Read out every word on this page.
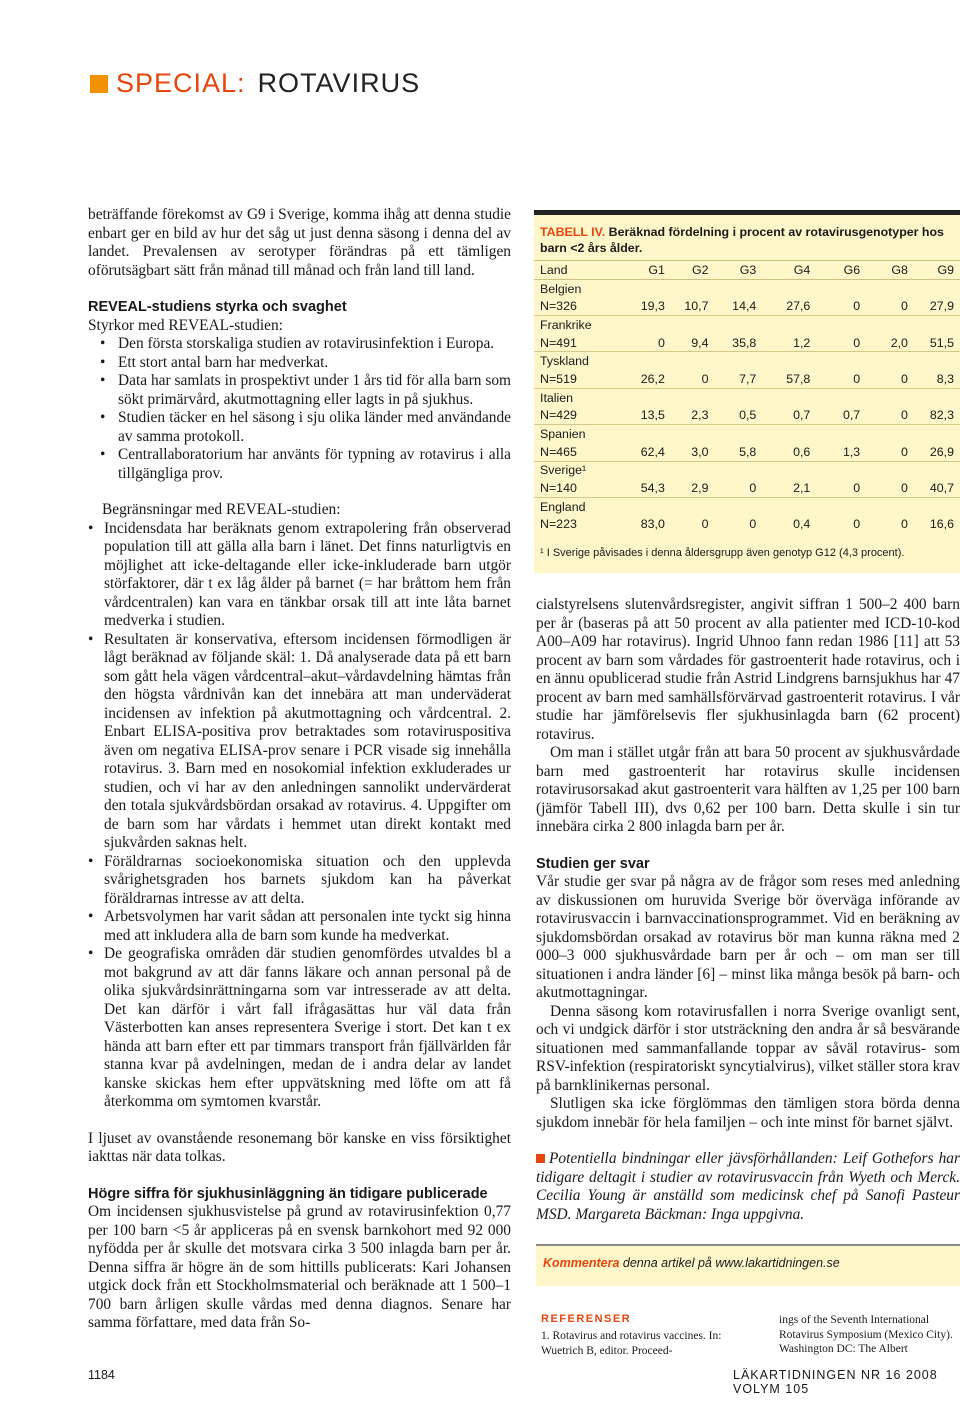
SPECIAL: ROTAVIRUS

beträffande förekomst av G9 i Sverige, komma ihåg att denna studie enbart ger en bild av hur det såg ut just denna säsong i denna del av landet. Prevalensen av serotyper förändras på ett tämligen oförutsägbart sätt från månad till månad och från land till land.

REVEAL-studiens styrka och svaghet

Styrkor med REVEAL-studien:

• Den första storskaliga studien av rotavirusinfektion i Europa.
• Ett stort antal barn har medverkat.
• Data har samlats in prospektivt under 1 års tid för alla barn som sökt primärvård, akutmottagning eller lagts in på sjukhus.
• Studien täcker en hel säsong i sju olika länder med användande av samma protokoll.
• Centrallaboratorium har använts för typning av rotavirus i alla tillgängliga prov.

Begränsningar med REVEAL-studien:

• Incidensdata har beräknats genom extrapolering från observerad population till att gälla alla barn i länet. Det finns naturligtvis en möjlighet att icke-deltagande eller icke-inkluderade barn utgör störfaktorer, där t ex låg ålder på barnet (= har bråttom hem från vårdcentralen) kan vara en tänkbar orsak till att inte låta barnet medverka i studien.
• Resultaten är konservativa, eftersom incidensen förmodligen är lågt beräknad av följande skäl: 1. Då analyserade data på ett barn som gått hela vägen vårdcentral–akut–vårdavdelning hämtas från den högsta vårdnivån kan det innebära att man underväderat incidensen av infektion på akutmottagning och vårdcentral. 2. Enbart ELISA-positiva prov betraktades som rotaviruspositiva även om negativa ELISA-prov senare i PCR visade sig innehålla rotavirus. 3. Barn med en nosokomial infektion exkluderades ur studien, och vi har av den anledningen sannolikt undervärderat den totala sjukvårdsbördan orsakad av rotavirus. 4. Uppgifter om de barn som har vårdats i hemmet utan direkt kontakt med sjukvården saknas helt.
• Föräldrarnas socioekonomiska situation och den upplevda svårighetsgraden hos barnets sjukdom kan ha påverkat föräldrarnas intresse av att delta.
• Arbetsvolymen har varit sådan att personalen inte tyckt sig hinna med att inkludera alla de barn som kunde ha medverkat.
• De geografiska områden där studien genomfördes utvaldes bl a mot bakgrund av att där fanns läkare och annan personal på de olika sjukvårdsinrättningarna som var intresserade av att delta. Det kan därför i vårt fall ifrågasättas hur väl data från Västerbotten kan anses representera Sverige i stort. Det kan t ex hända att barn efter ett par timmars transport från fjällvärlden får stanna kvar på avdelningen, medan de i andra delar av landet kanske skickas hem efter uppvätskning med löfte om att få återkomma om symtomen kvarstår.

I ljuset av ovanstående resonemang bör kanske en viss försiktighet iakttas när data tolkas.

Högre siffra för sjukhusinläggning än tidigare publicerade

Om incidensen sjukhusvistelse på grund av rotavirusinfektion 0,77 per 100 barn <5 år appliceras på en svensk barnkohort med 92 000 nyfödda per år skulle det motsvara cirka 3 500 inlagda barn per år. Denna siffra är högre än de som hittills publicerats: Kari Johansen utgick dock från ett Stockholmsmaterial och beräknade att 1 500–1 700 barn årligen skulle vårdas med denna diagnos. Senare har samma författare, med data från So-

TABELL IV. Beräknad fördelning i procent av rotavirusgenotyper hos barn <2 års ålder.
Land	G1	G2	G3	G4	G6	G8	G9
Belgien							
N=326	19,3	10,7	14,4	27,6	0	0	27,9
Frankrike							
N=491	0	9,4	35,8	1,2	0	2,0	51,5
Tyskland							
N=519	26,2	0	7,7	57,8	0	0	8,3
Italien							
N=429	13,5	2,3	0,5	0,7	0,7	0	82,3
Spanien							
N=465	62,4	3,0	5,8	0,6	1,3	0	26,9
Sverige¹							
N=140	54,3	2,9	0	2,1	0	0	40,7
England							
N=223	83,0	0	0	0,4	0	0	16,6
¹ I Sverige påvisades i denna åldersgrupp även genotyp G12 (4,3 procent).

cialstyrelsens slutenvårdsregister, angivit siffran 1 500–2 400 barn per år (baseras på att 50 procent av alla patienter med ICD-10-kod A00–A09 har rotavirus). Ingrid Uhnoo fann redan 1986 [11] att 53 procent av barn som vårdades för gastroenterit hade rotavirus, och i en ännu opublicerad studie från Astrid Lindgrens barnsjukhus har 47 procent av barn med samhällsförvärvad gastroenterit rotavirus. I vår studie har jämförelsevis fler sjukhusinlagda barn (62 procent) rotavirus.

Om man i stället utgår från att bara 50 procent av sjukhusvårdade barn med gastroenterit har rotavirus skulle incidensen rotavirusorsakad akut gastroenterit vara hälften av 1,25 per 100 barn (jämför Tabell III), dvs 0,62 per 100 barn. Detta skulle i sin tur innebära cirka 2 800 inlagda barn per år.

Studien ger svar

Vår studie ger svar på några av de frågor som reses med anledning av diskussionen om huruvida Sverige bör överväga införande av rotavirusvaccin i barnvaccinationsprogrammet. Vid en beräkning av sjukdomsbördan orsakad av rotavirus bör man kunna räkna med 2 000–3 000 sjukhusvårdade barn per år och – om man ser till situationen i andra länder [6] – minst lika många besök på barn- och akutmottagningar.

Denna säsong kom rotavirusfallen i norra Sverige ovanligt sent, och vi undgick därför i stor utsträckning den andra år så besvärande situationen med sammanfallande toppar av såväl rotavirus- som RSV-infektion (respiratoriskt syncytialvirus), vilket ställer stora krav på barnklinikernas personal.

Slutligen ska icke förglömmas den tämligen stora börda denna sjukdom innebär för hela familjen – och inte minst för barnet självt.

Potentiella bindningar eller jävsförhållanden: Leif Gothefors har tidigare deltagit i studier av rotavirusvaccin från Wyeth och Merck. Cecilia Young är anställd som medicinsk chef på Sanofi Pasteur MSD. Margareta Bäckman: Inga uppgivna.

Kommentera denna artikel på www.lakartidningen.se
REFERENSER
1. Rotavirus and rotavirus vaccines. In: Wuetrich B, editor. Proceed-
ings of the Seventh International Rotavirus Symposium (Mexico City). Washington DC: The Albert
1184	LÄKARTIDNINGEN NR 16 2008 VOLYM 105
